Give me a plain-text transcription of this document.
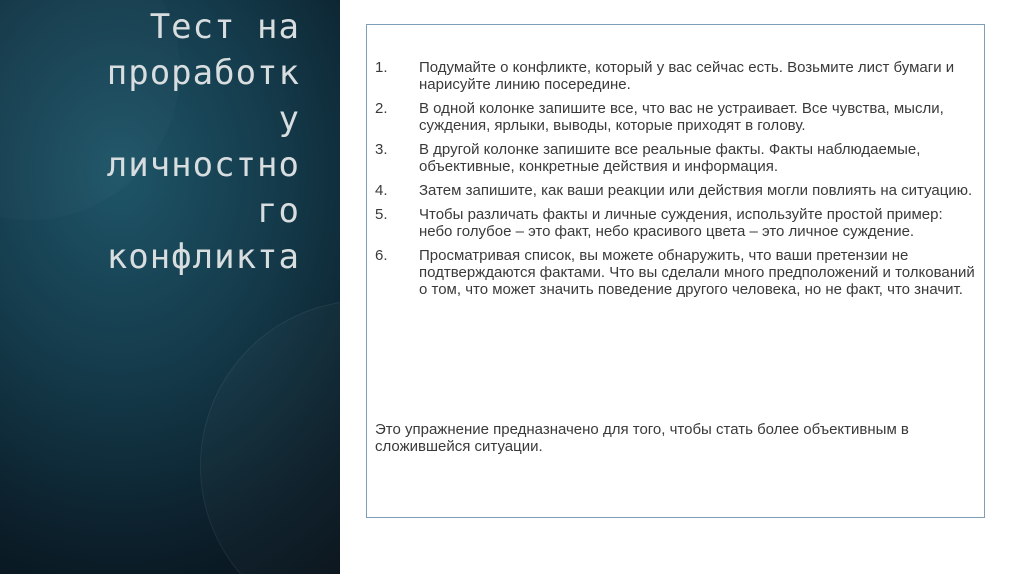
Тест на
проработк
у
личностно
го
конфликта
1.	Подумайте о конфликте, который у вас сейчас есть. Возьмите лист бумаги и нарисуйте линию посередине.
2.	В одной колонке запишите все, что вас не устраивает. Все чувства, мысли, суждения, ярлыки, выводы, которые приходят в голову.
3.	В другой колонке запишите все реальные факты. Факты наблюдаемые, объективные, конкретные действия и информация.
4.	Затем запишите, как ваши реакции или действия могли повлиять на ситуацию.
5.	Чтобы различать факты и личные суждения, используйте простой пример: небо голубое – это факт, небо красивого цвета – это личное суждение.
6.	Просматривая список, вы можете обнаружить, что ваши претензии не подтверждаются фактами. Что вы сделали много предположений и толкований о том, что может значить поведение другого человека, но не факт, что значит.
Это упражнение предназначено для того, чтобы стать более объективным в сложившейся ситуации.
